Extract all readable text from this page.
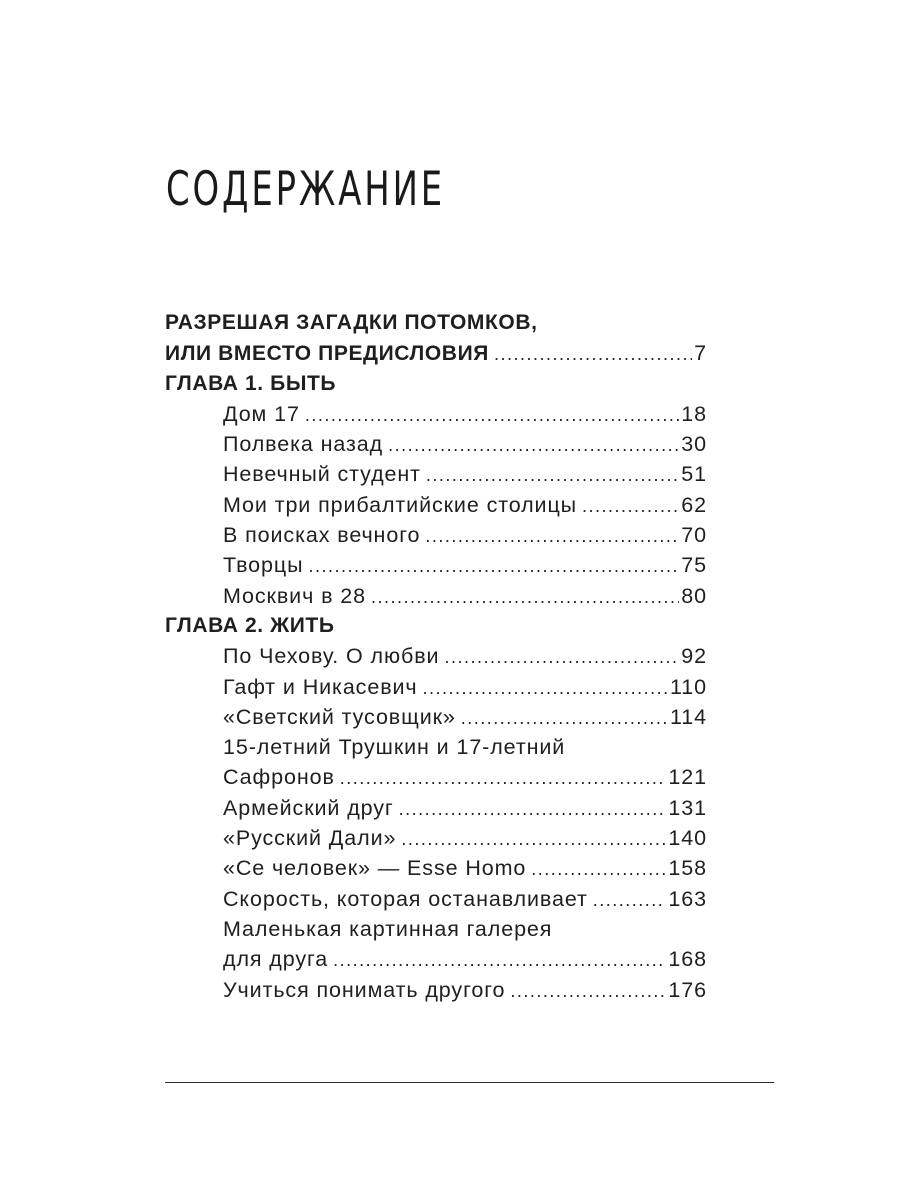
СОДЕРЖАНИЕ
РАЗРЕШАЯ ЗАГАДКИ ПОТОМКОВ,
ИЛИ ВМЕСТО ПРЕДИСЛОВИЯ .....	7
ГЛАВА 1. БЫТЬ
Дом 17 .....	18
Полвека назад .....	30
Невечный студент .....	51
Мои три прибалтийские столицы .....	62
В поисках вечного .....	70
Творцы .....	75
Москвич в 28 .....	80
ГЛАВА 2. ЖИТЬ
По Чехову. О любви .....	92
Гафт и Никасевич .....	110
«Светский тусовщик» .....	114
15-летний Трушкин и 17-летний
Сафронов .....	121
Армейский друг .....	131
«Русский Дали» .....	140
«Се человек» — Esse Homo .....	158
Скорость, которая останавливает .....	163
Маленькая картинная галерея
для друга .....	168
Учиться понимать другого .....	176
